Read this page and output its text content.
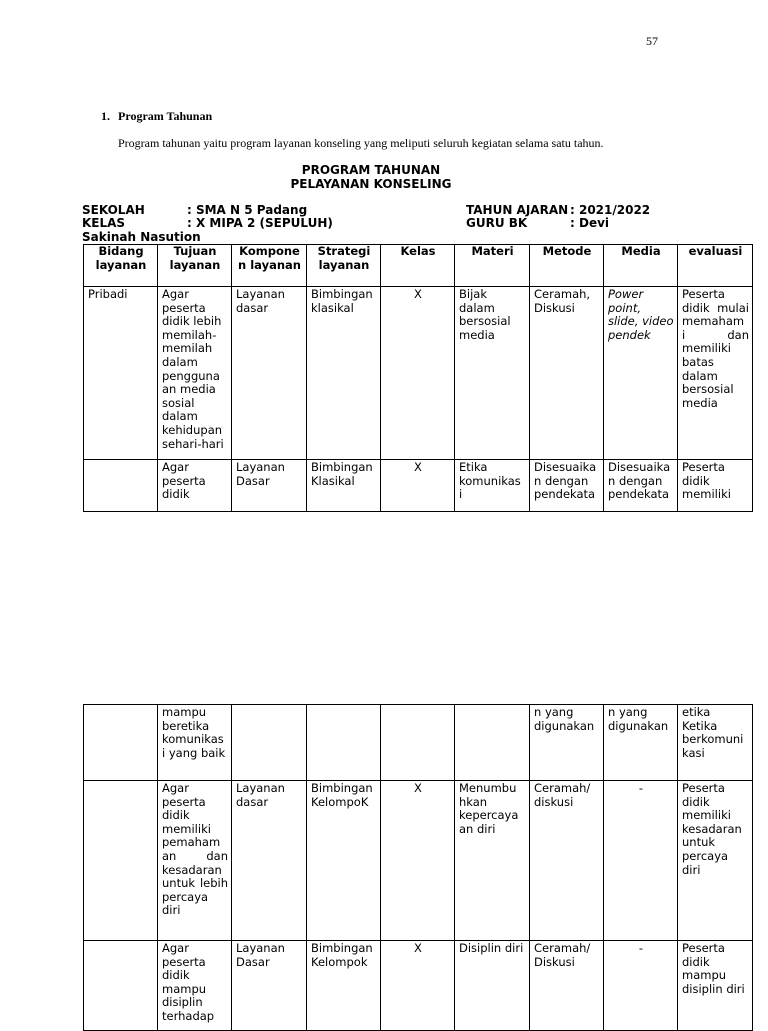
57
1. Program Tahunan
Program tahunan yaitu program layanan konseling yang meliputi seluruh kegiatan selama satu tahun.
PROGRAM TAHUNAN
PELAYANAN KONSELING
SEKOLAH	: SMA N 5 Padang
KELAS	: X MIPA 2 (SEPULUH)
TAHUN AJARAN : 2021/2022
GURU BK	: Devi
Sakinah Nasution
Bidang layanan	Tujuan layanan	Kompone n layanan	Strategi layanan	Kelas	Materi	Metode	Media	evaluasi
Pribadi	Agar peserta didik lebih memilah-memilah dalam pengguna an media sosial dalam kehidupan sehari-hari	Layanan dasar	Bimbingan klasikal	X	Bijak dalam bersosial media	Ceramah, Diskusi	Power point, slide, video pendek	Peserta didik mulai memaham i dan memiliki batas dalam bersosial media
	Agar peserta didik	Layanan Dasar	Bimbingan Klasikal	X	Etika komunikas i	Disesuaika n dengan pendekata	Disesuaika n dengan pendekata	Peserta didik memiliki
	mampu beretika komunikas i yang baik					n yang digunakan	n yang digunakan	etika Ketika berkomuni kasi
	Agar peserta didik memiliki pemaham an dan kesadaran untuk lebih percaya diri	Layanan dasar	Bimbingan KelompoK	X	Menumbu hkan kepercaya an diri	Ceramah/ diskusi	-	Peserta didik memiliki kesadaran untuk percaya diri
	Agar peserta didik mampu disiplin terhadap	Layanan Dasar	Bimbingan Kelompok	X	Disiplin diri	Ceramah/ Diskusi	-	Peserta didik mampu disiplin diri
